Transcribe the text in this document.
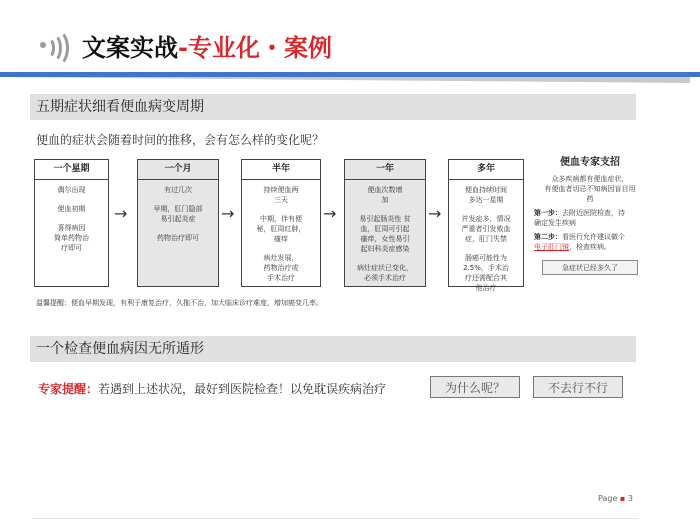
文案实战-专业化・案例
五期症状细看便血病变周期
便血的症状会随着时间的推移，会有怎么样的变化呢？
一个星期

偶尔出现

便血初期

喜得病因
简单药物治
疗即可

→
一个月

有过几次

早期，肛门隐部
易引起炎症

药物治疗即可

→
半年

持续便血两
三天

中期，伴有便
秘，肛周红肿，
瘙痒

病灶发展，
药物治疗或
手术治疗

→
一年

便血次数增
加

易引起肠炎性 贫
血，肛周可引起
瘙痒，女性易引
起妇科炎症感染

病灶症状已变化，
必须手术治疗

→
多年

便血持续时间
多达一星期

并发症多，情况
严重者引发败血
症，肛门失禁

肠癌可能性为
2.5%，手术治
疗还需配合其
他治疗

便血专家支招

众多疾病都有便血症状，
有便血者切忌不知病因盲目用
药

第一步：去附近医院检查，待
确定发生疾病

第二步：看医行允许建议做个
电子肛门镜，检查疾病。

急症状已经多久了
温馨提醒：便血早期发现，有利于康复治疗，久拖不治，加大临床诊疗难度，增加癌变几率。
一个检查便血病因无所遁形
专家提醒：若遇到上述状况，最好到医院检查！以免耽误疾病治疗	为什么呢？	不去行不行
Page ▪ 3
